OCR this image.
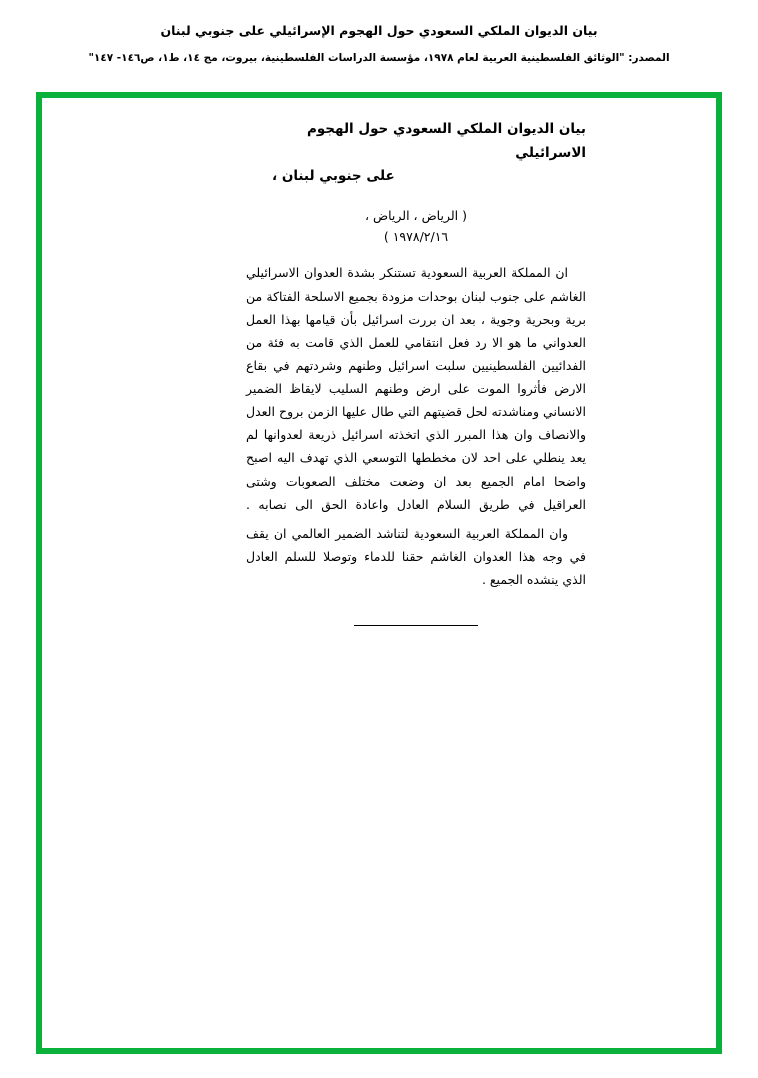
بيان الديوان الملكي السعودي حول الهجوم الإسرائيلي على جنوبي لبنان
المصدر: "الوثائق الفلسطينية العربية لعام ١٩٧٨، مؤسسة الدراسات الفلسطينية، بيروت، مج ١٤، ط١، ص١٤٦- ١٤٧"
بيان الديوان الملكي السعودي حول الهجوم الاسرائيلي
على جنوبي لبنان ،
( الرياض ، الرياض ،
١٩٧٨/٢/١٦ )

ان المملكة العربية السعودية تستنكر بشدة العدوان الاسرائيلي الغاشم على جنوب لبنان بوحدات مزودة بجميع الاسلحة الفتاكة من برية وبحرية وجوية ، بعد ان بررت اسرائيل بأن قيامها بهذا العمل العدواني ما هو الا رد فعل انتقامي للعمل الذي قامت به فئة من الفدائيين الفلسطينيين سلبت اسرائيل وطنهم وشردتهم في بقاع الارض فأثروا الموت على ارض وطنهم السليب لايقاظ الضمير الانساني ومناشدته لحل قضيتهم التي طال عليها الزمن بروح العدل والانصاف وان هذا المبرر الذي اتخذته اسرائيل ذريعة لعدوانها لم يعد ينطلي على احد لان مخططها التوسعي الذي تهدف اليه اصبح واضحا امام الجميع بعد ان وضعت مختلف الصعوبات وشتى العراقيل في طريق السلام العادل واعادة الحق الى نصابه .

وان المملكة العربية السعودية لتناشد الضمير العالمي ان يقف في وجه هذا العدوان الغاشم حقنا للدماء وتوصلا للسلم العادل الذي ينشده الجميع .
